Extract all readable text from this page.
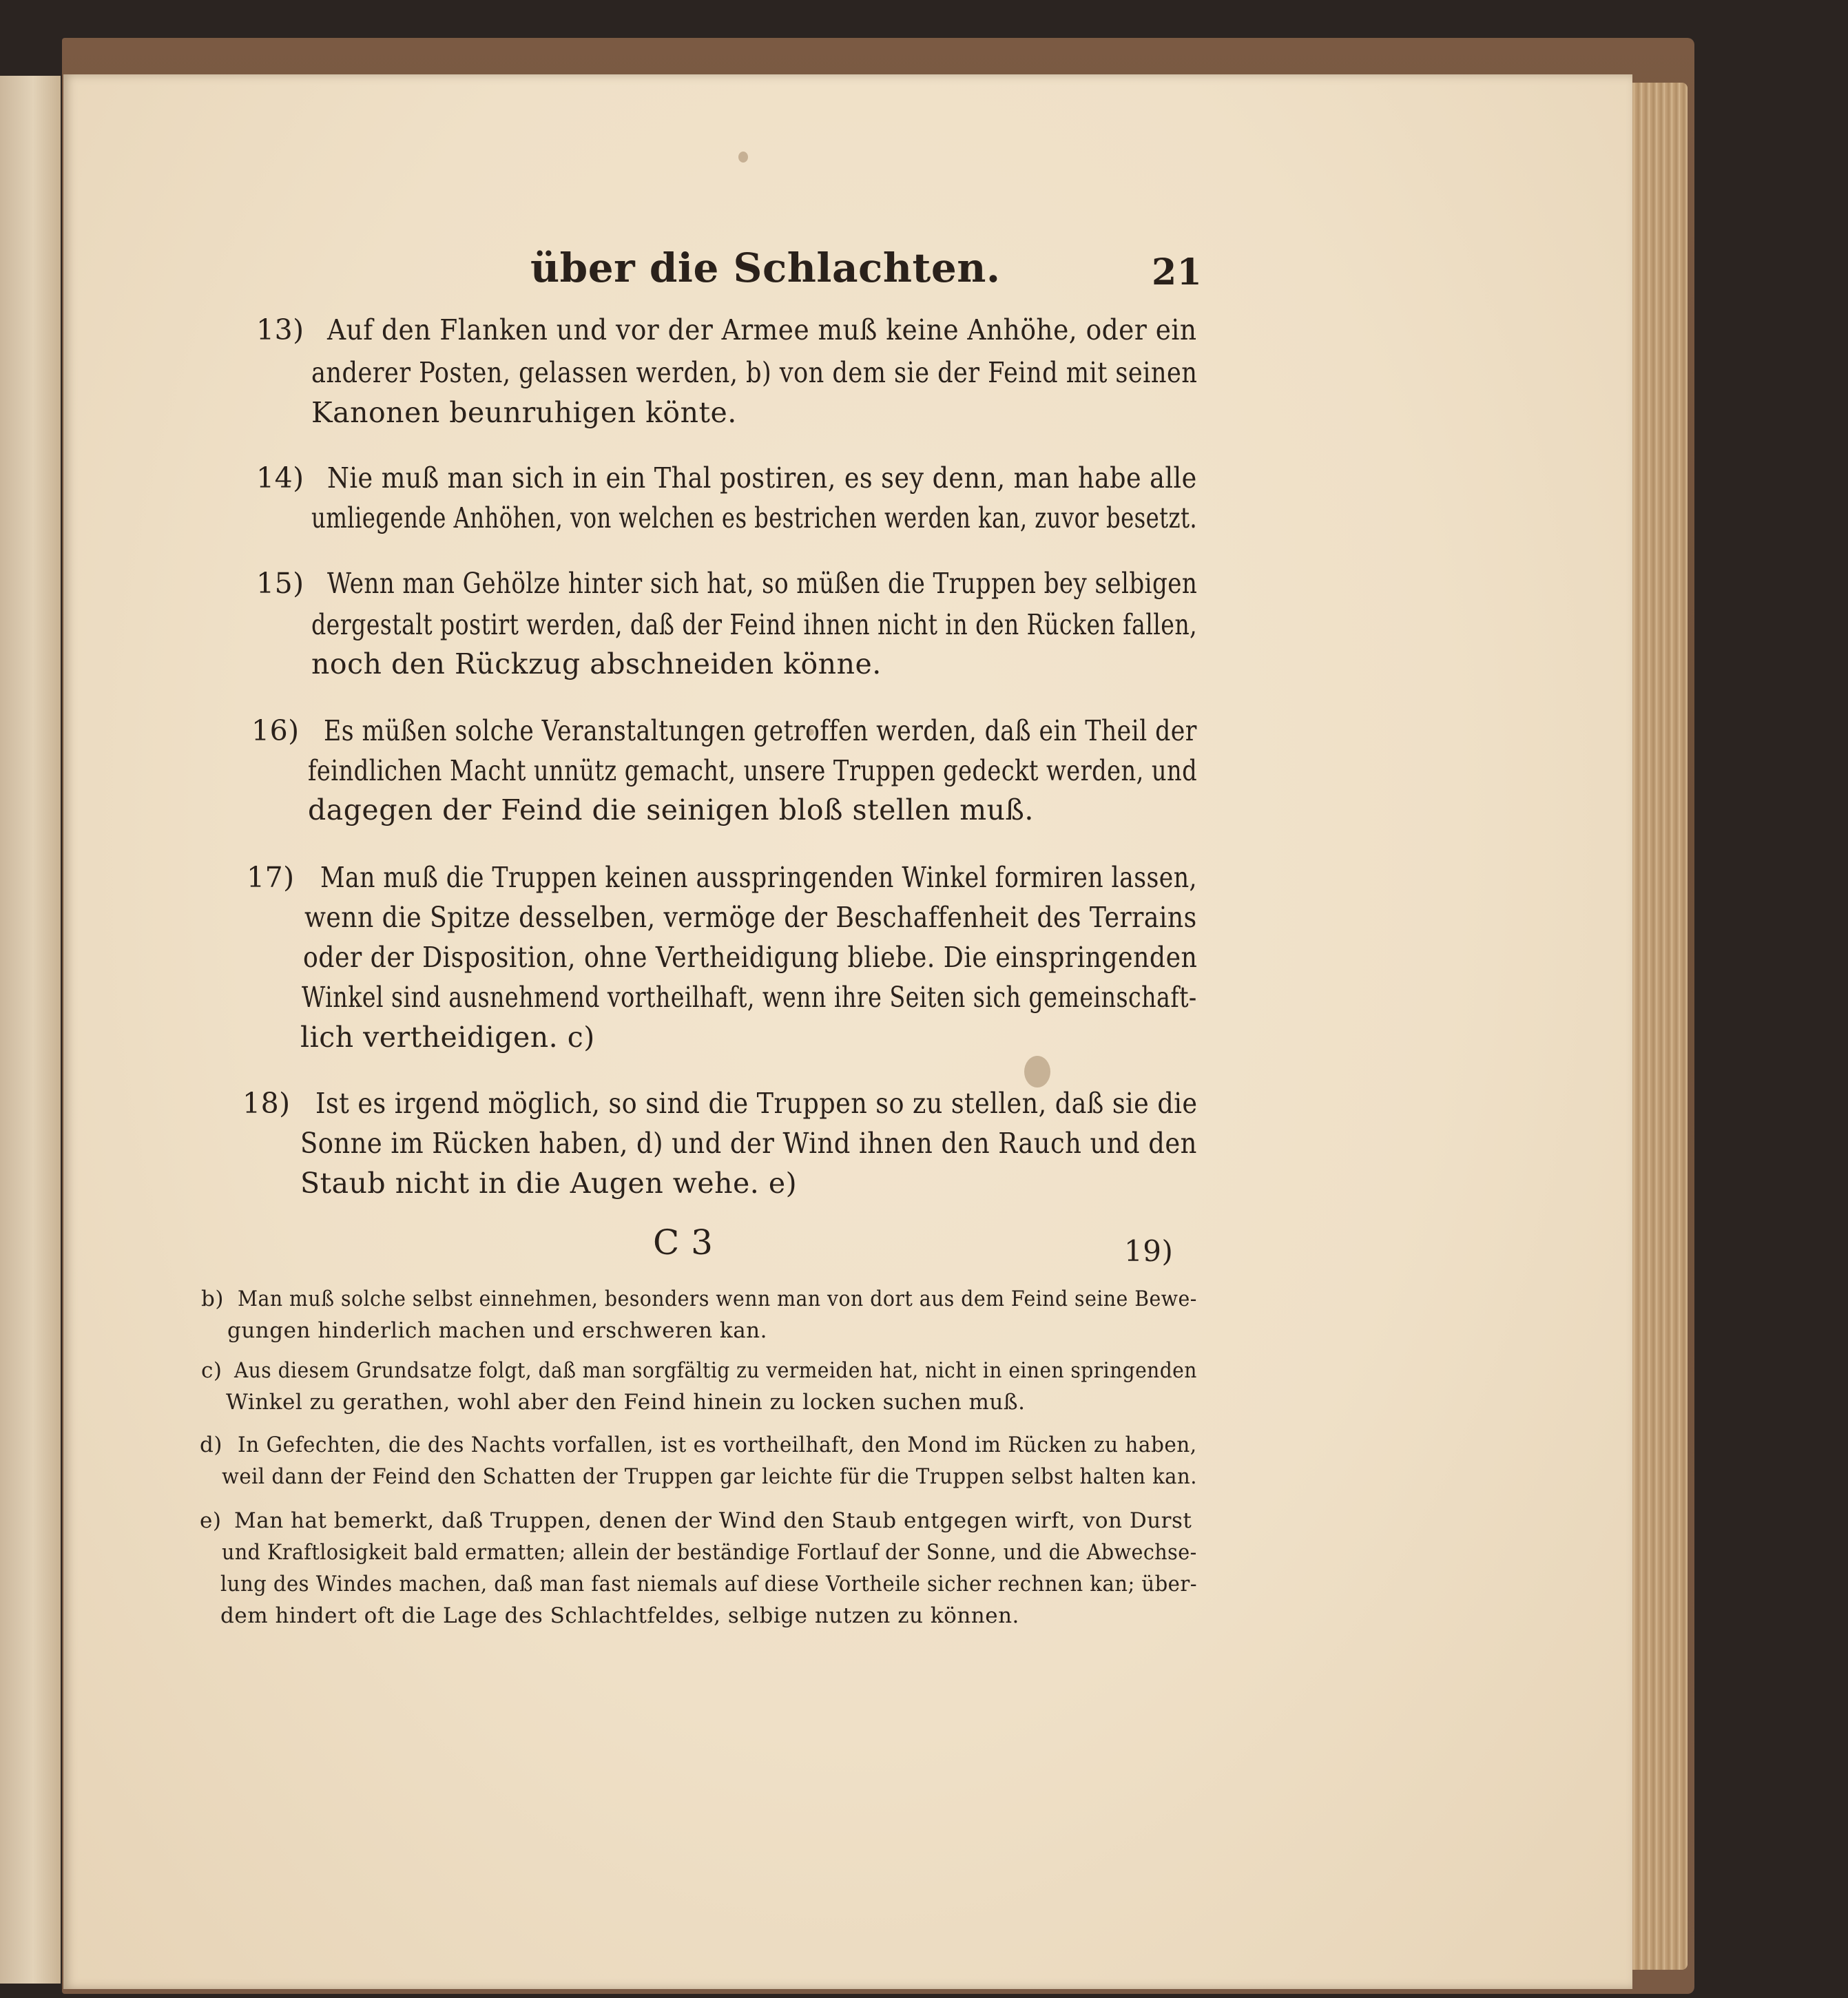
über die Schlachten.	21
13) Auf den Flanken und vor der Armee muß keine Anhöhe, oder ein
anderer Posten, gelassen werden, b) von dem sie der Feind mit seinen
Kanonen beunruhigen könte.
14) Nie muß man sich in ein Thal postiren, es sey denn, man habe alle
umliegende Anhöhen, von welchen es bestrichen werden kan, zuvor besetzt.
15) Wenn man Gehölze hinter sich hat, so müßen die Truppen bey selbigen
dergestalt postirt werden, daß der Feind ihnen nicht in den Rücken fallen,
noch den Rückzug abschneiden könne.
16) Es müßen solche Veranstaltungen getroffen werden, daß ein Theil der
feindlichen Macht unnütz gemacht, unsere Truppen gedeckt werden, und
dagegen der Feind die seinigen bloß stellen muß.
17) Man muß die Truppen keinen ausspringenden Winkel formiren lassen,
wenn die Spitze desselben, vermöge der Beschaffenheit des Terrains
oder der Disposition, ohne Vertheidigung bliebe. Die einspringenden
Winkel sind ausnehmend vortheilhaft, wenn ihre Seiten sich gemeinschaft-
lich vertheidigen. c)
18) Ist es irgend möglich, so sind die Truppen so zu stellen, daß sie die
Sonne im Rücken haben, d) und der Wind ihnen den Rauch und den
Staub nicht in die Augen wehe. e)
C 3	19)
b) Man muß solche selbst einnehmen, besonders wenn man von dort aus dem Feind seine Bewe-
gungen hinderlich machen und erschweren kan.
c) Aus diesem Grundsatze folgt, daß man sorgfältig zu vermeiden hat, nicht in einen springenden
Winkel zu gerathen, wohl aber den Feind hinein zu locken suchen muß.
d) In Gefechten, die des Nachts vorfallen, ist es vortheilhaft, den Mond im Rücken zu haben,
weil dann der Feind den Schatten der Truppen gar leichte für die Truppen selbst halten kan.
e) Man hat bemerkt, daß Truppen, denen der Wind den Staub entgegen wirft, von Durst
und Kraftlosigkeit bald ermatten; allein der beständige Fortlauf der Sonne, und die Abwechse-
lung des Windes machen, daß man fast niemals auf diese Vortheile sicher rechnen kan; über-
dem hindert oft die Lage des Schlachtfeldes, selbige nutzen zu können.
